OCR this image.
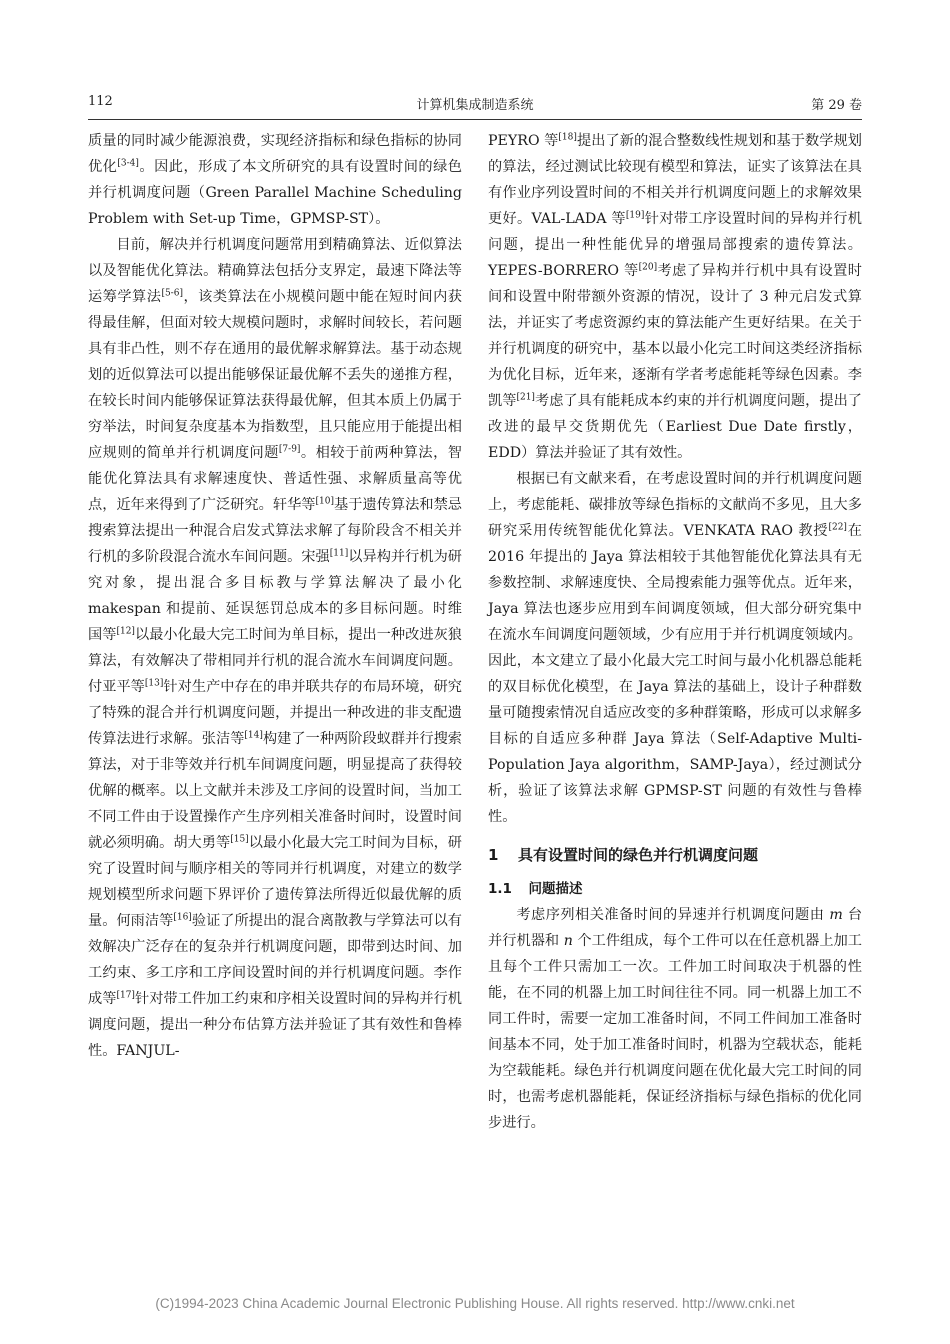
112	计算机集成制造系统	第 29 卷

质量的同时减少能源浪费，实现经济指标和绿色指标的协同优化[3-4]。因此，形成了本文所研究的具有设置时间的绿色并行机调度问题（Green Parallel Machine Scheduling Problem with Set-up Time，GPMSP-ST）。

目前，解决并行机调度问题常用到精确算法、近似算法以及智能优化算法。精确算法包括分支界定，最速下降法等运筹学算法[5-6]，该类算法在小规模问题中能在短时间内获得最佳解，但面对较大规模问题时，求解时间较长，若问题具有非凸性，则不存在通用的最优解求解算法。基于动态规划的近似算法可以提出能够保证最优解不丢失的递推方程，在较长时间内能够保证算法获得最优解，但其本质上仍属于穷举法，时间复杂度基本为指数型，且只能应用于能提出相应规则的简单并行机调度问题[7-9]。相较于前两种算法，智能优化算法具有求解速度快、普适性强、求解质量高等优点，近年来得到了广泛研究。轩华等[10]基于遗传算法和禁忌搜索算法提出一种混合启发式算法求解了每阶段含不相关并行机的多阶段混合流水车间问题。宋强[11]以异构并行机为研究对象，提出混合多目标教与学算法解决了最小化 makespan 和提前、延误惩罚总成本的多目标问题。时维国等[12]以最小化最大完工时间为单目标，提出一种改进灰狼算法，有效解决了带相同并行机的混合流水车间调度问题。付亚平等[13]针对生产中存在的串并联共存的布局环境，研究了特殊的混合并行机调度问题，并提出一种改进的非支配遗传算法进行求解。张洁等[14]构建了一种两阶段蚁群并行搜索算法，对于非等效并行机车间调度问题，明显提高了获得较优解的概率。以上文献并未涉及工序间的设置时间，当加工不同工件由于设置操作产生序列相关准备时间时，设置时间就必须明确。胡大勇等[15]以最小化最大完工时间为目标，研究了设置时间与顺序相关的等同并行机调度，对建立的数学规划模型所求问题下界评价了遗传算法所得近似最优解的质量。何雨洁等[16]验证了所提出的混合离散教与学算法可以有效解决广泛存在的复杂并行机调度问题，即带到达时间、加工约束、多工序和工序间设置时间的并行机调度问题。李作成等[17]针对带工件加工约束和序相关设置时间的异构并行机调度问题，提出一种分布估算方法并验证了其有效性和鲁棒性。FANJUL-

PEYRO 等[18]提出了新的混合整数线性规划和基于数学规划的算法，经过测试比较现有模型和算法，证实了该算法在具有作业序列设置时间的不相关并行机调度问题上的求解效果更好。VAL-LADA 等[19]针对带工序设置时间的异构并行机问题，提出一种性能优异的增强局部搜索的遗传算法。YEPES-BORRERO 等[20]考虑了异构并行机中具有设置时间和设置中附带额外资源的情况，设计了 3 种元启发式算法，并证实了考虑资源约束的算法能产生更好结果。在关于并行机调度的研究中，基本以最小化完工时间这类经济指标为优化目标，近年来，逐渐有学者考虑能耗等绿色因素。李凯等[21]考虑了具有能耗成本约束的并行机调度问题，提出了改进的最早交货期优先（Earliest Due Date firstly，EDD）算法并验证了其有效性。

根据已有文献来看，在考虑设置时间的并行机调度问题上，考虑能耗、碳排放等绿色指标的文献尚不多见，且大多研究采用传统智能优化算法。VENKATA RAO 教授[22]在 2016 年提出的 Jaya 算法相较于其他智能优化算法具有无参数控制、求解速度快、全局搜索能力强等优点。近年来，Jaya 算法也逐步应用到车间调度领域，但大部分研究集中在流水车间调度问题领域，少有应用于并行机调度领域内。因此，本文建立了最小化最大完工时间与最小化机器总能耗的双目标优化模型，在 Jaya 算法的基础上，设计子种群数量可随搜索情况自适应改变的多种群策略，形成可以求解多目标的自适应多种群 Jaya 算法（Self-Adaptive Multi-Population Jaya algorithm，SAMP-Jaya），经过测试分析，验证了该算法求解 GPMSP-ST 问题的有效性与鲁棒性。

1 具有设置时间的绿色并行机调度问题
1.1 问题描述

考虑序列相关准备时间的异速并行机调度问题由 m 台并行机器和 n 个工件组成，每个工件可以在任意机器上加工且每个工件只需加工一次。工件加工时间取决于机器的性能，在不同的机器上加工时间往往不同。同一机器上加工不同工件时，需要一定加工准备时间，不同工件间加工准备时间基本不同，处于加工准备时间时，机器为空载状态，能耗为空载能耗。绿色并行机调度问题在优化最大完工时间的同时，也需考虑机器能耗，保证经济指标与绿色指标的优化同步进行。

(C)1994-2023 China Academic Journal Electronic Publishing House. All rights reserved. http://www.cnki.net
